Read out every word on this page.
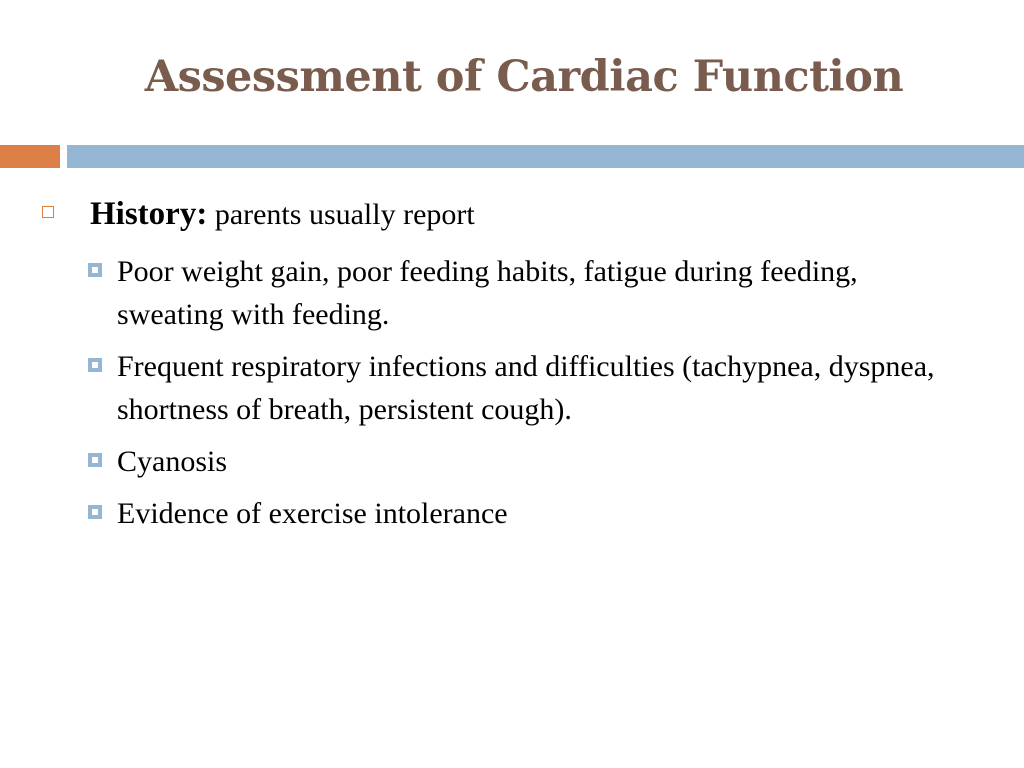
Assessment of Cardiac Function
History: parents usually report
Poor weight gain, poor feeding habits, fatigue during feeding, sweating with feeding.
Frequent respiratory infections and difficulties (tachypnea, dyspnea, shortness of breath, persistent cough).
Cyanosis
Evidence of exercise intolerance
